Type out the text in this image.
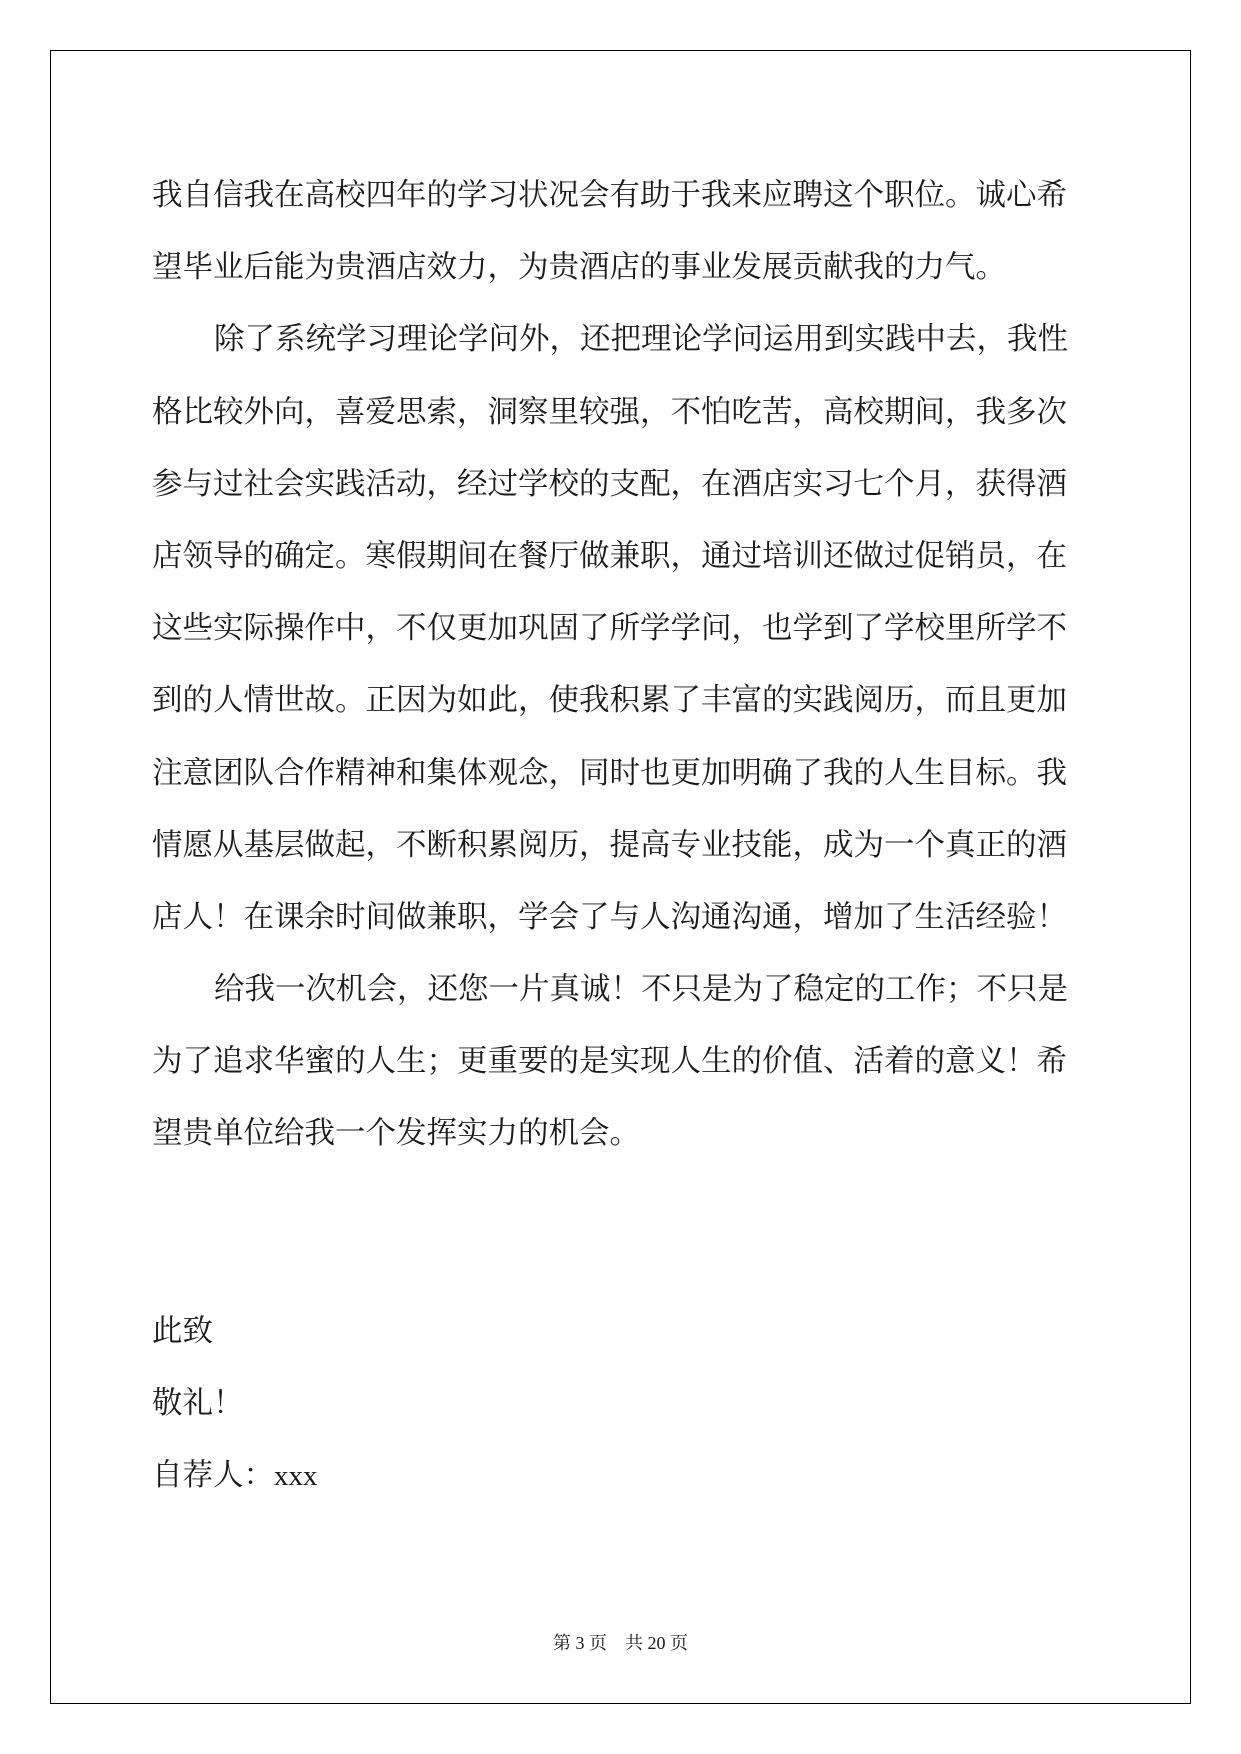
我自信我在高校四年的学习状况会有助于我来应聘这个职位。诚心希
望毕业后能为贵酒店效力，为贵酒店的事业发展贡献我的力气。
除了系统学习理论学问外，还把理论学问运用到实践中去，我性
格比较外向，喜爱思索，洞察里较强，不怕吃苦，高校期间，我多次
参与过社会实践活动，经过学校的支配，在酒店实习七个月，获得酒
店领导的确定。寒假期间在餐厅做兼职，通过培训还做过促销员，在
这些实际操作中，不仅更加巩固了所学学问，也学到了学校里所学不
到的人情世故。正因为如此，使我积累了丰富的实践阅历，而且更加
注意团队合作精神和集体观念，同时也更加明确了我的人生目标。我
情愿从基层做起，不断积累阅历，提高专业技能，成为一个真正的酒
店人！在课余时间做兼职，学会了与人沟通沟通，增加了生活经验！
给我一次机会，还您一片真诚！不只是为了稳定的工作；不只是
为了追求华蜜的人生；更重要的是实现人生的价值、活着的意义！希
望贵单位给我一个发挥实力的机会。
此致
敬礼！
自荐人：xxx
第 3 页 共 20 页
